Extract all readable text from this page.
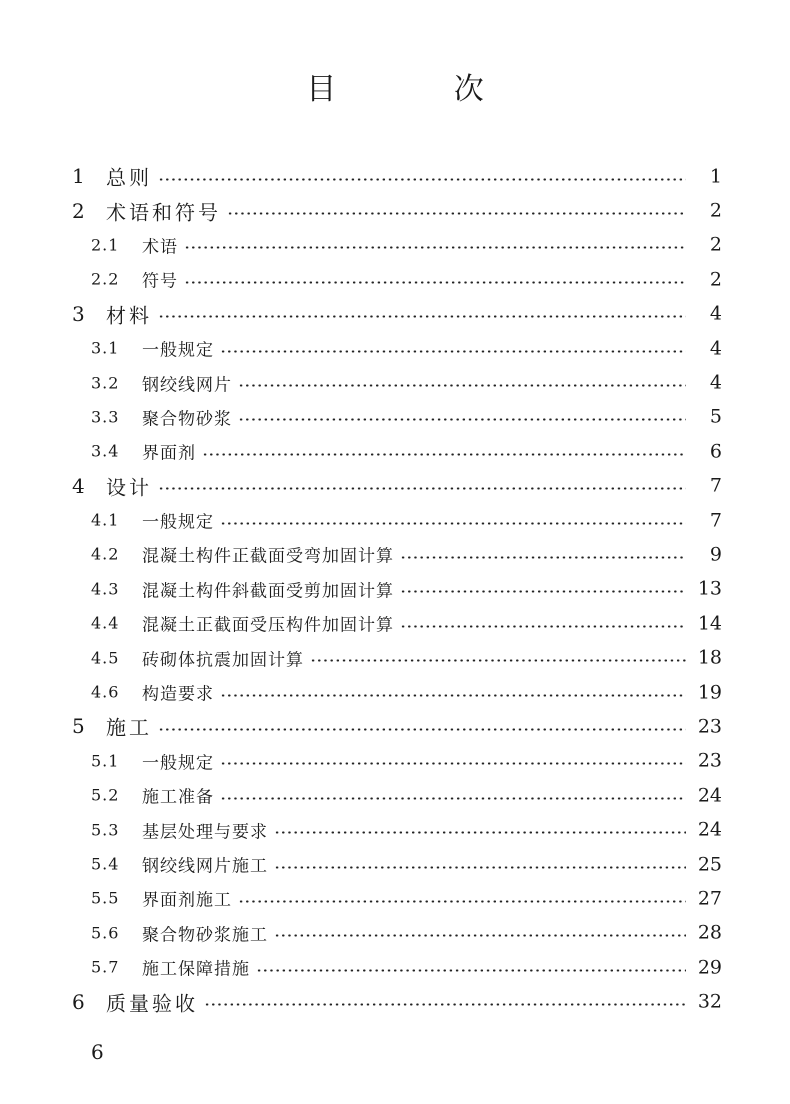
目 次
1 总则	1
2 术语和符号	2
2.1 术语	2
2.2 符号	2
3 材料	4
3.1 一般规定	4
3.2 钢绞线网片	4
3.3 聚合物砂浆	5
3.4 界面剂	6
4 设计	7
4.1 一般规定	7
4.2 混凝土构件正截面受弯加固计算	9
4.3 混凝土构件斜截面受剪加固计算	13
4.4 混凝土正截面受压构件加固计算	14
4.5 砖砌体抗震加固计算	18
4.6 构造要求	19
5 施工	23
5.1 一般规定	23
5.2 施工准备	24
5.3 基层处理与要求	24
5.4 钢绞线网片施工	25
5.5 界面剂施工	27
5.6 聚合物砂浆施工	28
5.7 施工保障措施	29
6 质量验收	32
6
